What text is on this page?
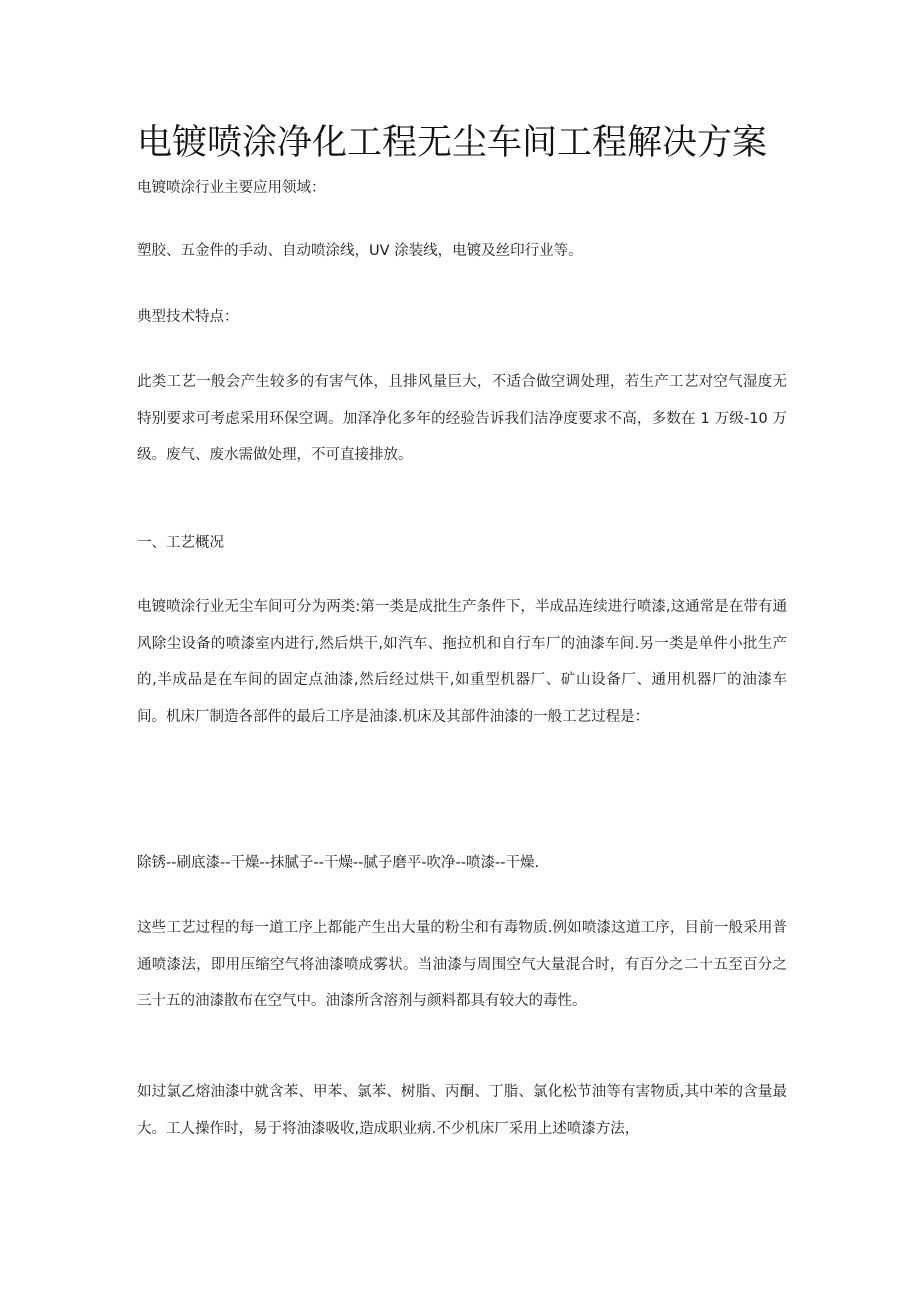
电镀喷涂净化工程无尘车间工程解决方案

电镀喷涂行业主要应用领域：

塑胶、五金件的手动、自动喷涂线，UV 涂装线，电镀及丝印行业等。

典型技术特点：

此类工艺一般会产生较多的有害气体，且排风量巨大，不适合做空调处理，若生产工艺对空气湿度无特别要求可考虑采用环保空调。加泽净化多年的经验告诉我们洁净度要求不高，多数在 1 万级-10 万级。废气、废水需做处理，不可直接排放。

一、工艺概况

电镀喷涂行业无尘车间可分为两类:第一类是成批生产条件下，半成品连续进行喷漆,这通常是在带有通风除尘设备的喷漆室内进行,然后烘干,如汽车、拖拉机和自行车厂的油漆车间.另一类是单件小批生产的,半成品是在车间的固定点油漆,然后经过烘干,如重型机器厂、矿山设备厂、通用机器厂的油漆车间。机床厂制造各部件的最后工序是油漆.机床及其部件油漆的一般工艺过程是：

除锈--刷底漆--干燥--抹腻子--干燥--腻子磨平-吹净--喷漆--干燥.

这些工艺过程的每一道工序上都能产生出大量的粉尘和有毒物质.例如喷漆这道工序，目前一般采用普通喷漆法，即用压缩空气将油漆喷成雾状。当油漆与周围空气大量混合时，有百分之二十五至百分之三十五的油漆散布在空气中。油漆所含溶剂与颜料都具有较大的毒性。

如过氯乙熔油漆中就含苯、甲苯、氯苯、树脂、丙酮、丁脂、氯化松节油等有害物质,其中苯的含量最大。工人操作时，易于将油漆吸收,造成职业病.不少机床厂采用上述喷漆方法，
